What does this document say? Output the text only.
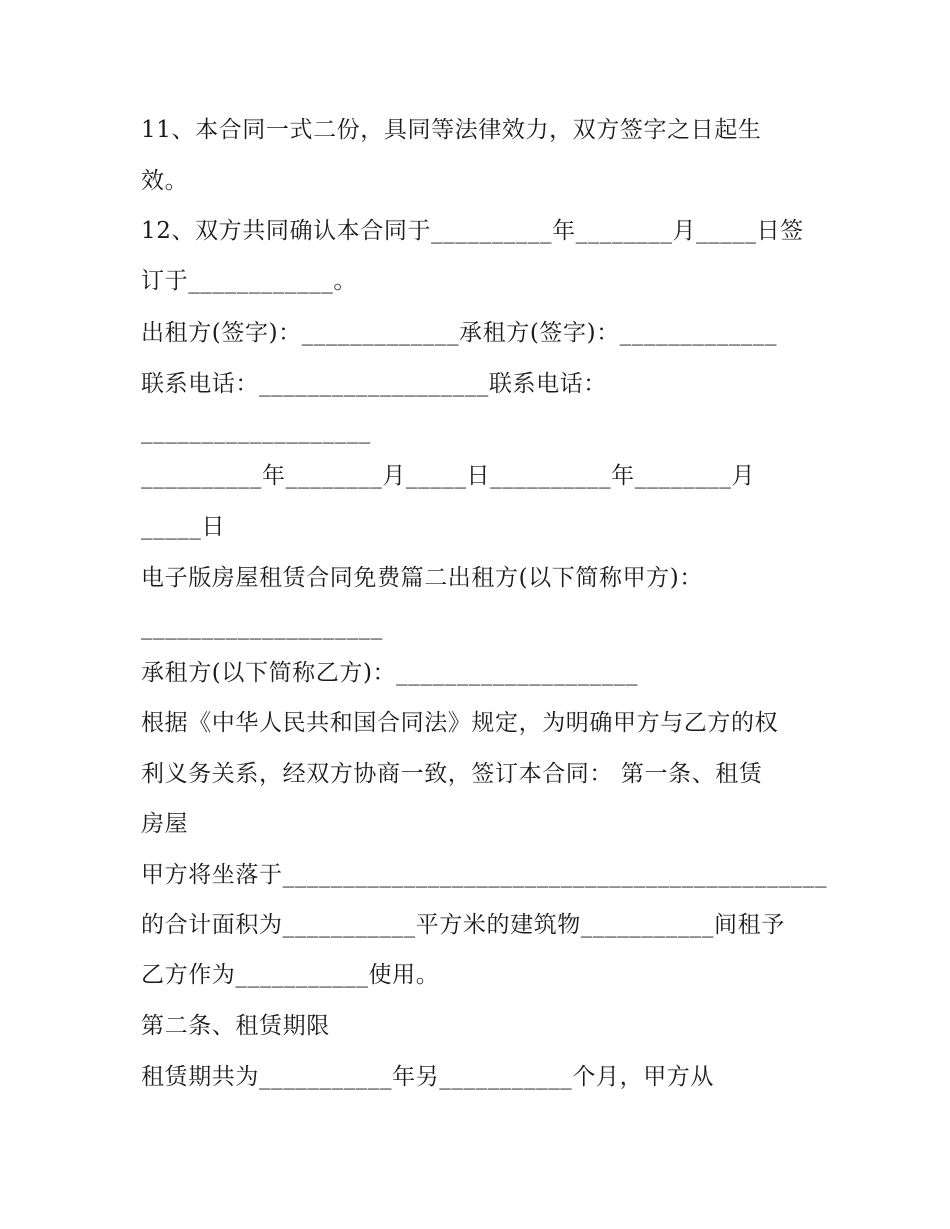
11、本合同一式二份，具同等法律效力，双方签字之日起生
效。
12、双方共同确认本合同于__________年________月_____日签
订于____________。
出租方(签字)：_____________承租方(签字)：_____________
联系电话：___________________联系电话：
___________________
__________年________月_____日__________年________月
_____日
电子版房屋租赁合同免费篇二出租方(以下简称甲方)：
____________________
承租方(以下简称乙方)：____________________
根据《中华人民共和国合同法》规定，为明确甲方与乙方的权
利义务关系，经双方协商一致，签订本合同： 第一条、租赁
房屋
甲方将坐落于_____________________________________________
的合计面积为___________平方米的建筑物___________间租予
乙方作为___________使用。
第二条、租赁期限
租赁期共为___________年另___________个月，甲方从
